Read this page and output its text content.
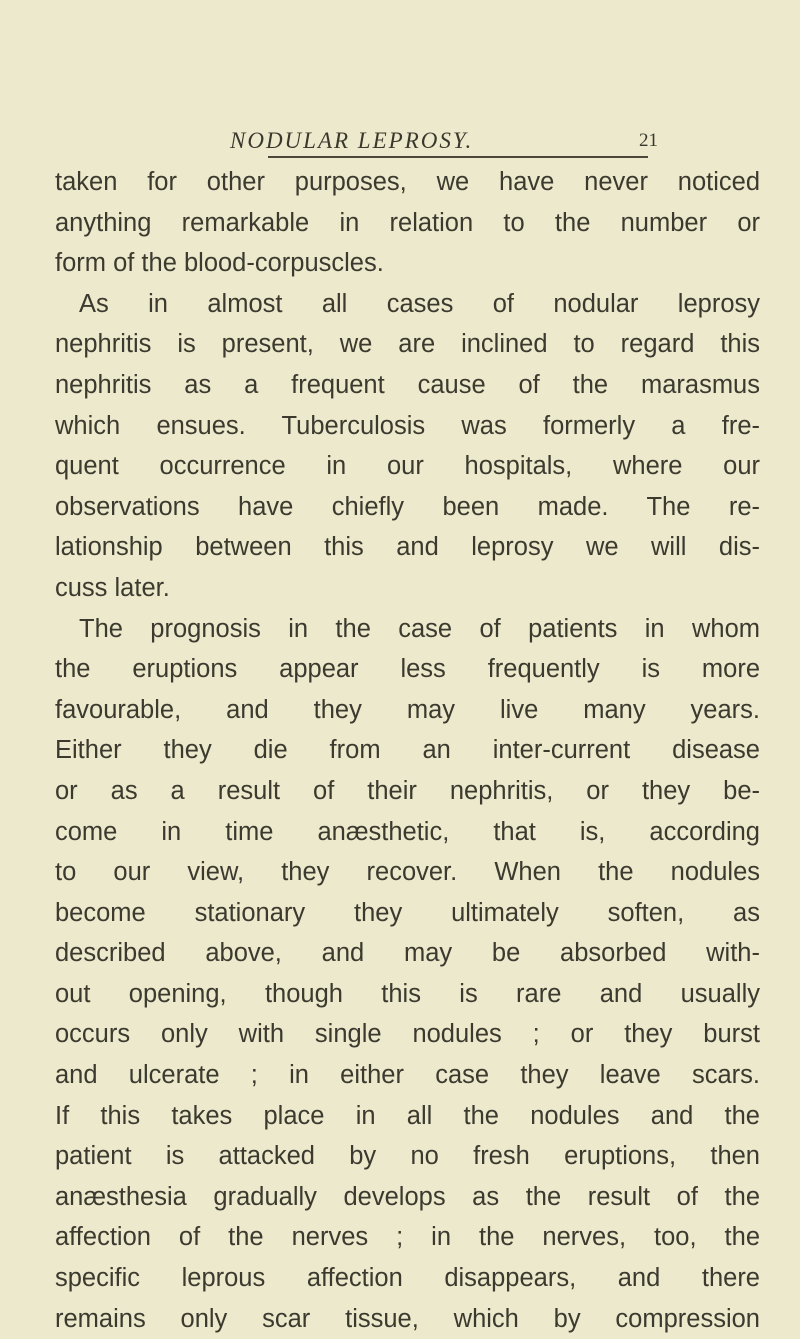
NODULAR LEPROSY.	21
taken for other purposes, we have never noticed
anything remarkable in relation to the number or
form of the blood-corpuscles.
As in almost all cases of nodular leprosy
nephritis is present, we are inclined to regard this
nephritis as a frequent cause of the marasmus
which ensues. Tuberculosis was formerly a fre-
quent occurrence in our hospitals, where our
observations have chiefly been made. The re-
lationship between this and leprosy we will dis-
cuss later.
The prognosis in the case of patients in whom
the eruptions appear less frequently is more
favourable, and they may live many years.
Either they die from an inter-current disease
or as a result of their nephritis, or they be-
come in time anæsthetic, that is, according
to our view, they recover. When the nodules
become stationary they ultimately soften, as
described above, and may be absorbed with-
out opening, though this is rare and usually
occurs only with single nodules ; or they burst
and ulcerate ; in either case they leave scars.
If this takes place in all the nodules and the
patient is attacked by no fresh eruptions, then
anæsthesia gradually develops as the result of the
affection of the nerves ; in the nerves, too, the
specific leprous affection disappears, and there
remains only scar tissue, which by compression
